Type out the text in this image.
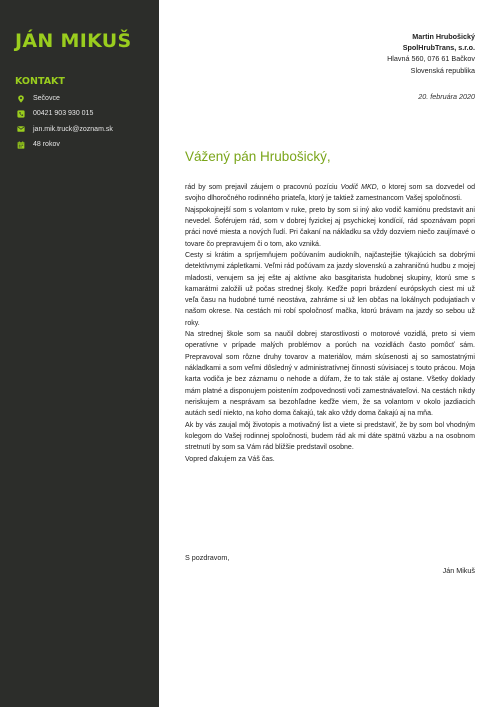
JÁN MIKUŠ
KONTAKT
Sečovce
00421 903 930 015
jan.mik.truck@zoznam.sk
48 rokov
Martin Hrubošický
SpolHrubTrans, s.r.o.
Hlavná 560, 076 61 Bačkov
Slovenská republika
20. februára 2020
Vážený pán Hrubošický,

rád by som prejavil záujem o pracovnú pozíciu Vodič MKD, o ktorej som sa dozvedel od svojho dlhoročného rodinného priateľa, ktorý je taktiež zamestnancom Vašej spoločnosti.

Najspokojnejší som s volantom v ruke, preto by som si iný ako vodič kamiónu predstavit ani nevedel. Šoférujem rád, som v dobrej fyzickej aj psychickej kondícií, rád spoznávam popri práci nové miesta a nových ľudí. Pri čakaní na nákladku sa vždy dozviem niečo zaujímavé o tovare čo prepravujem či o tom, ako vzniká.

Cesty si krátim a spríjemňujem počúvaním audiokníh, najčastejšie týkajúcich sa dobrými detektívnymi zápletkami. Veľmi rád počúvam za jazdy slovenskú a zahraničnú hudbu z mojej mladosti, venujem sa jej ešte aj aktívne ako basgitarista hudobnej skupiny, ktorú sme s kamarátmi založili už počas strednej školy. Keďže popri brázdení európskych ciest mi už veľa času na hudobné turné neostáva, zahráme si už len občas na lokálnych podujatiach v našom okrese. Na cestách mi robí spoločnosť mačka, ktorú brávam na jazdy so sebou už roky.

Na strednej škole som sa naučil dobrej starostlivosti o motorové vozidlá, preto si viem operatívne v prípade malých problémov a porúch na vozidlách často pomôcť sám. Prepravoval som rôzne druhy tovarov a materiálov, mám skúsenosti aj so samostatnými nákladkami a som veľmi dôsledný v administratívnej činnosti súvisiacej s touto prácou. Moja karta vodiča je bez záznamu o nehode a dúfam, že to tak stále aj ostane. Všetky doklady mám platné a disponujem poistením zodpovednosti voči zamestnávateľovi. Na cestách nikdy neriskujem a nesprávam sa bezohľadne keďže viem, že sa volantom v okolo jazdiacich autách sedí niekto, na koho doma čakajú, tak ako vždy doma čakajú aj na mňa.

Ak by vás zaujal môj životopis a motivačný list a viete si predstaviť, že by som bol vhodným kolegom do Vašej rodinnej spoločnosti, budem rád ak mi dáte spätnú väzbu a na osobnom stretnutí by som sa Vám rád bližšie predstavil osobne.

Vopred ďakujem za Váš čas.

S pozdravom,
Ján Mikuš
